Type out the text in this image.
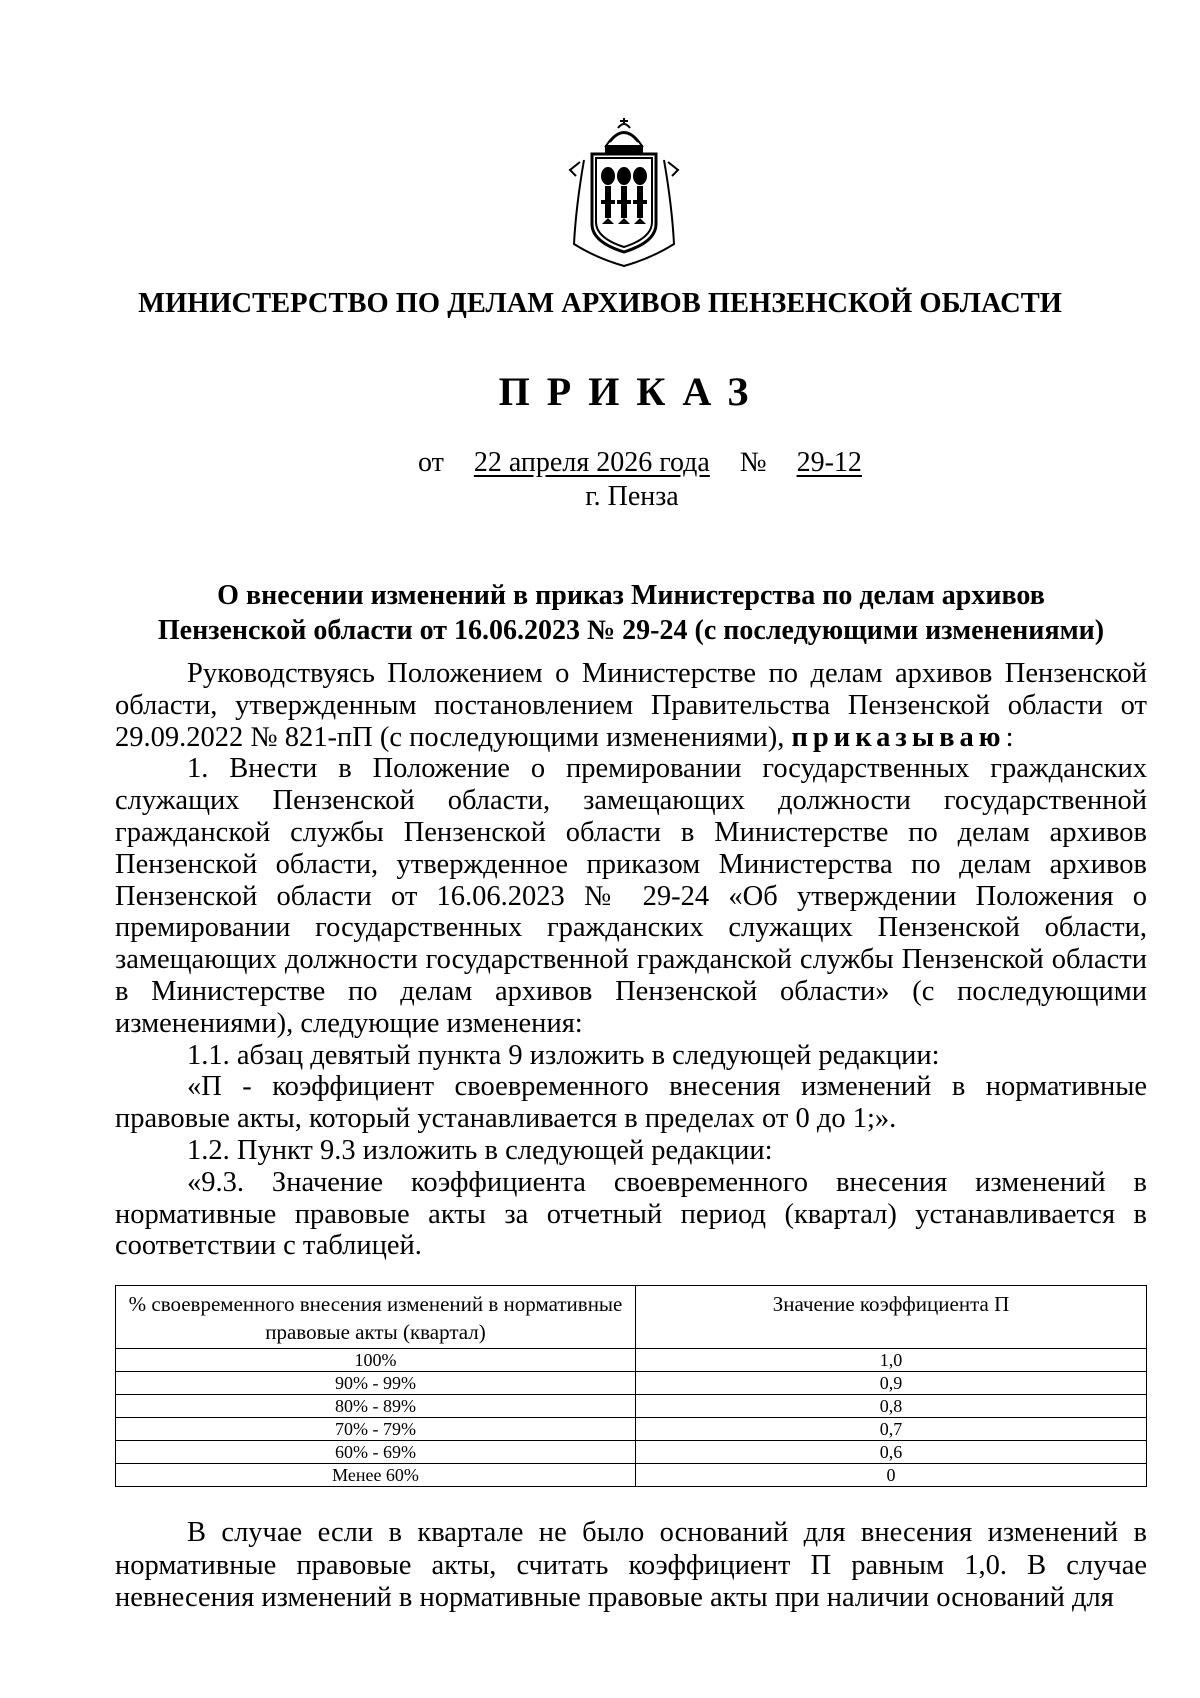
МИНИСТЕРСТВО ПО ДЕЛАМ АРХИВОВ ПЕНЗЕНСКОЙ ОБЛАСТИ
ПРИКАЗ
от 22 апреля 2026 года № 29-12
г. Пенза
О внесении изменений в приказ Министерства по делам архивов
Пензенской области от 16.06.2023 № 29-24 (с последующими изменениями)

Руководствуясь Положением о Министерстве по делам архивов Пензенской области, утвержденным постановлением Правительства Пензенской области от 29.09.2022 № 821-пП (с последующими изменениями), приказываю:

1. Внести в Положение о премировании государственных гражданских служащих Пензенской области, замещающих должности государственной гражданской службы Пензенской области в Министерстве по делам архивов Пензенской области, утвержденное приказом Министерства по делам архивов Пензенской области от 16.06.2023 № 29-24 «Об утверждении Положения о премировании государственных гражданских служащих Пензенской области, замещающих должности государственной гражданской службы Пензенской области в Министерстве по делам архивов Пензенской области» (с последующими изменениями), следующие изменения:

1.1. абзац девятый пункта 9 изложить в следующей редакции:

«П - коэффициент своевременного внесения изменений в нормативные правовые акты, который устанавливается в пределах от 0 до 1;».

1.2. Пункт 9.3 изложить в следующей редакции:

«9.3. Значение коэффициента своевременного внесения изменений в нормативные правовые акты за отчетный период (квартал) устанавливается в соответствии с таблицей.

% своевременного внесения изменений в нормативные правовые акты (квартал)	Значение коэффициента П
100%	1,0
90% - 99%	0,9
80% - 89%	0,8
70% - 79%	0,7
60% - 69%	0,6
Менее 60%	0

В случае если в квартале не было оснований для внесения изменений в нормативные правовые акты, считать коэффициент П равным 1,0. В случае невнесения изменений в нормативные правовые акты при наличии оснований для
